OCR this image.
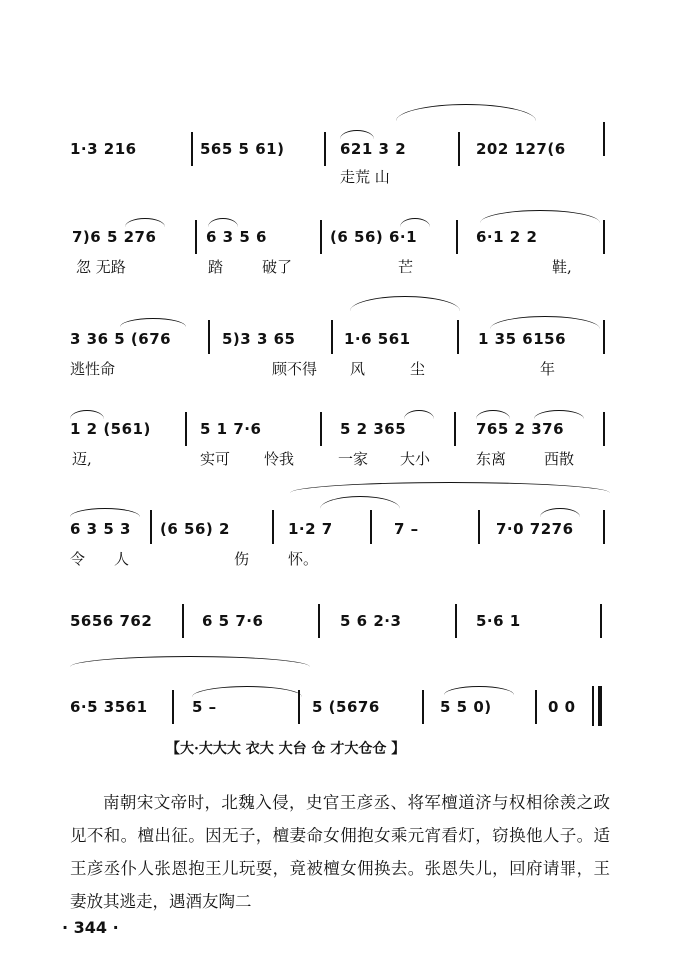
1·3 216	565 5 61)	621 3 2	202 127(6
走荒 山
7)6 5 276	6 3 5 6	(6 56) 6·1	6·1 2 2
忽 无路	踏	破了	芒	鞋,
3 36 5 (676	5)3 3 65	1·6 561	1 35 6156
逃性命	顾不得 风	尘	年
1 2 (561)	5 1 7·6	5 2 365	765 2 376
迈,	实可 怜我	一家 大小	东离	西散
6 3 5 3 (6 56) 2	1·2 7	7 –	7·0 7276
令 人	伤	怀。
5656 762	6 5 7·6	5 6 2·3	5·6 1
6·5 3561	5 –	5 (5676	5 5 0)	0 0
【大·大大大 衣大 大台 仓 才大仓仓 】
南朝宋文帝时，北魏入侵，史官王彦丞、将军檀道济与权相徐羡之政见不和。檀出征。因无子，檀妻命女佣抱女乘元宵看灯，窃换他人子。适王彦丞仆人张恩抱王儿玩耍，竟被檀女佣换去。张恩失儿，回府请罪，王妻放其逃走，遇酒友陶二
· 344 ·
